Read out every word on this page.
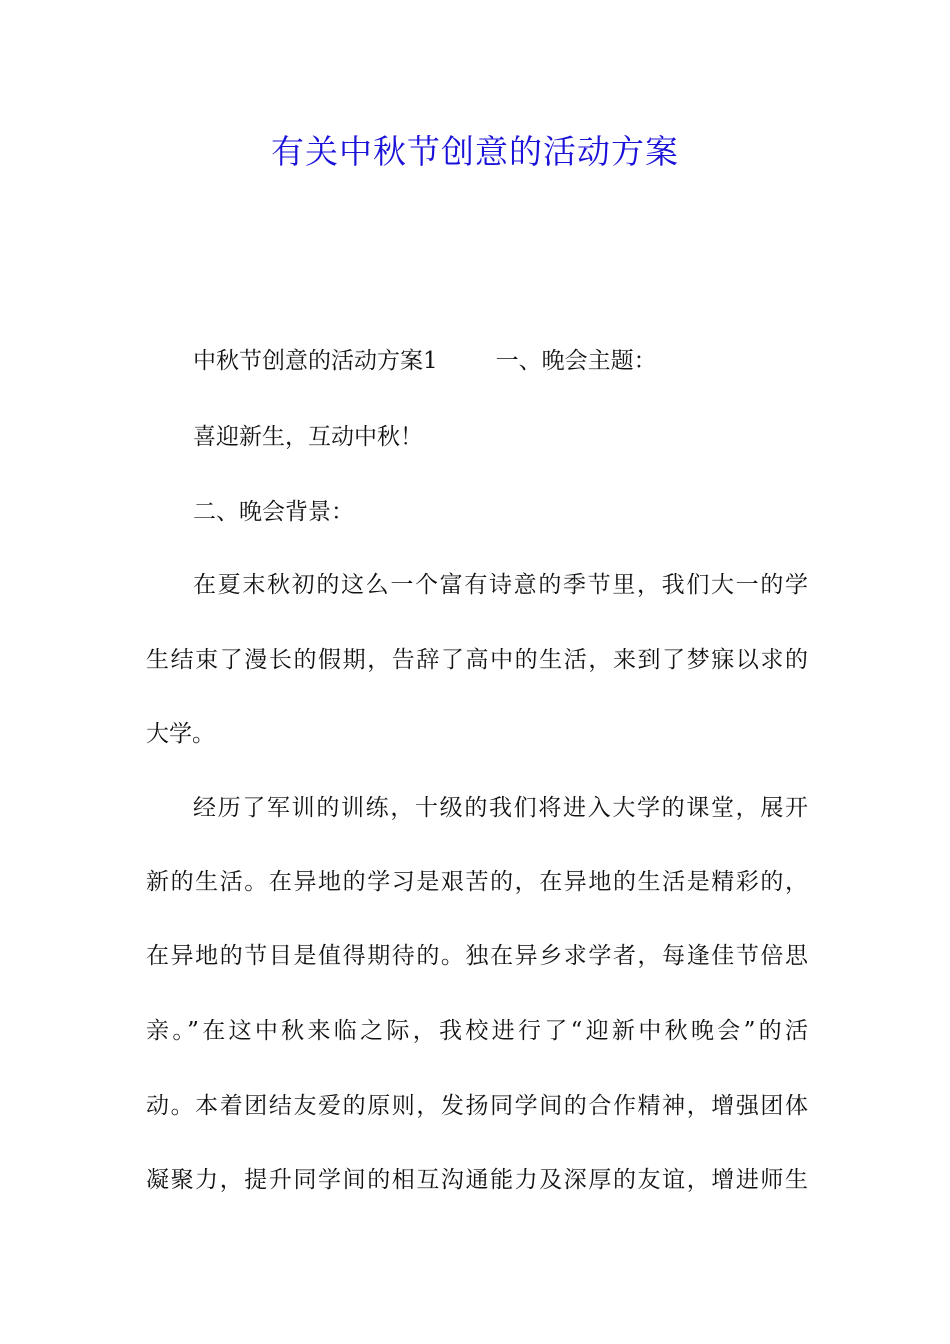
有关中秋节创意的活动方案

中秋节创意的活动方案1	一、晚会主题：

喜迎新生，互动中秋！

二、晚会背景：

在夏末秋初的这么一个富有诗意的季节里，我们大一的学

生结束了漫长的假期，告辞了高中的生活，来到了梦寐以求的

大学。

经历了军训的训练，十级的我们将进入大学的课堂，展开

新的生活。在异地的学习是艰苦的，在异地的生活是精彩的，

在异地的节目是值得期待的。独在异乡求学者，每逢佳节倍思

亲。”在这中秋来临之际，我校进行了“迎新中秋晚会”的活

动。本着团结友爱的原则，发扬同学间的合作精神，增强团体

凝聚力，提升同学间的相互沟通能力及深厚的友谊，增进师生
